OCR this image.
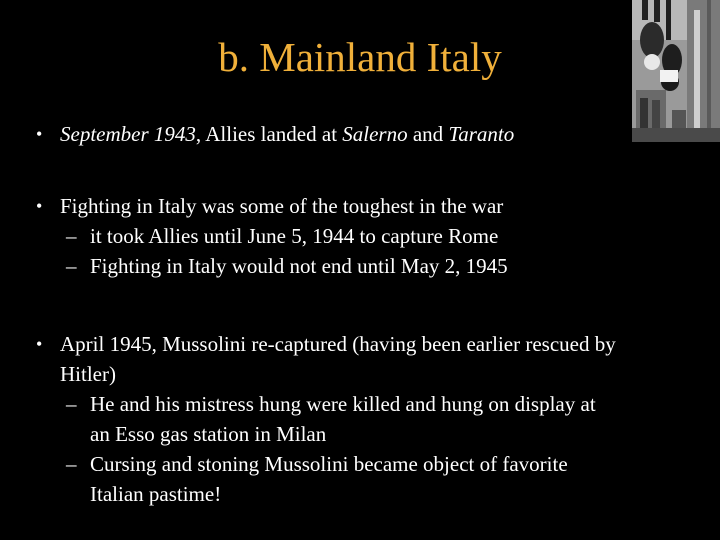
b. Mainland Italy
• September 1943, Allies landed at Salerno and Taranto
• Fighting in Italy was some of the toughest in the war
– it took Allies until June 5, 1944 to capture Rome
– Fighting in Italy would not end until May 2, 1945
• April 1945, Mussolini re-captured (having been earlier rescued by
Hitler)
– He and his mistress hung were killed and hung on display at
an Esso gas station in Milan
– Cursing and stoning Mussolini became object of favorite
Italian pastime!
